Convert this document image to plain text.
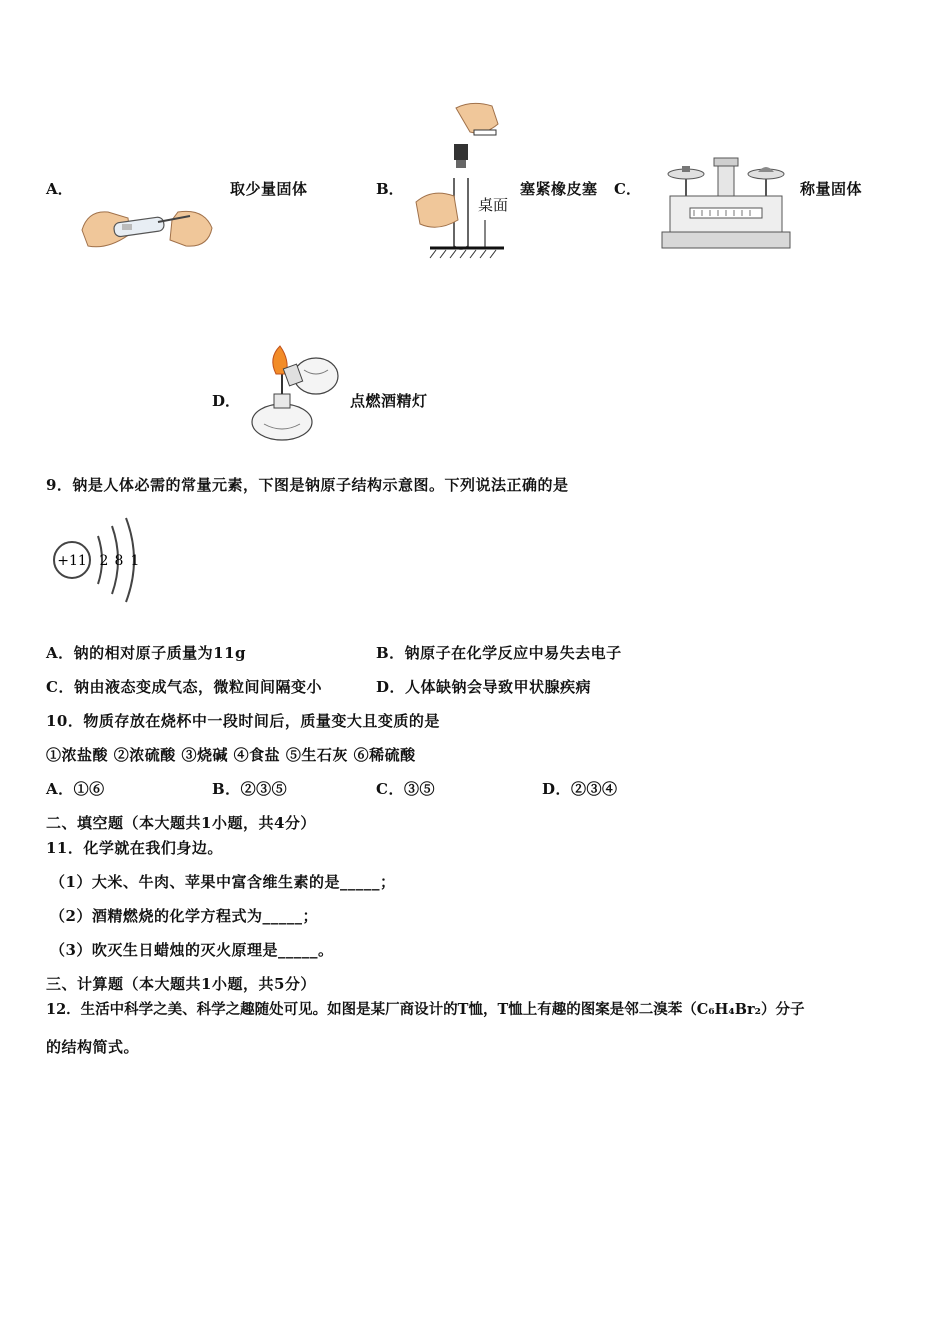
A．	取少量固体	B．
桌面
塞紧橡皮塞 C．	称量固体
D．	点燃酒精灯
9．钠是人体必需的常量元素，下图是钠原子结构示意图。下列说法正确的是
+11 2 8 1
A．钠的相对原子质量为11g	B．钠原子在化学反应中易失去电子
C．钠由液态变成气态，微粒间间隔变小	D．人体缺钠会导致甲状腺疾病
10．物质存放在烧杯中一段时间后，质量变大且变质的是
①浓盐酸 ②浓硫酸 ③烧碱 ④食盐 ⑤生石灰 ⑥稀硫酸
A．①⑥	B．②③⑤	C．③⑤	D．②③④
二、填空题（本大题共1小题，共4分）
11．化学就在我们身边。
（1）大米、牛肉、苹果中富含维生素的是_____；
（2）酒精燃烧的化学方程式为_____；
（3）吹灭生日蜡烛的灭火原理是_____。
三、计算题（本大题共1小题，共5分）
12．生活中科学之美、科学之趣随处可见。如图是某厂商设计的T恤，T恤上有趣的图案是邻二溴苯（C₆H₄Br₂）分子
的结构简式。
